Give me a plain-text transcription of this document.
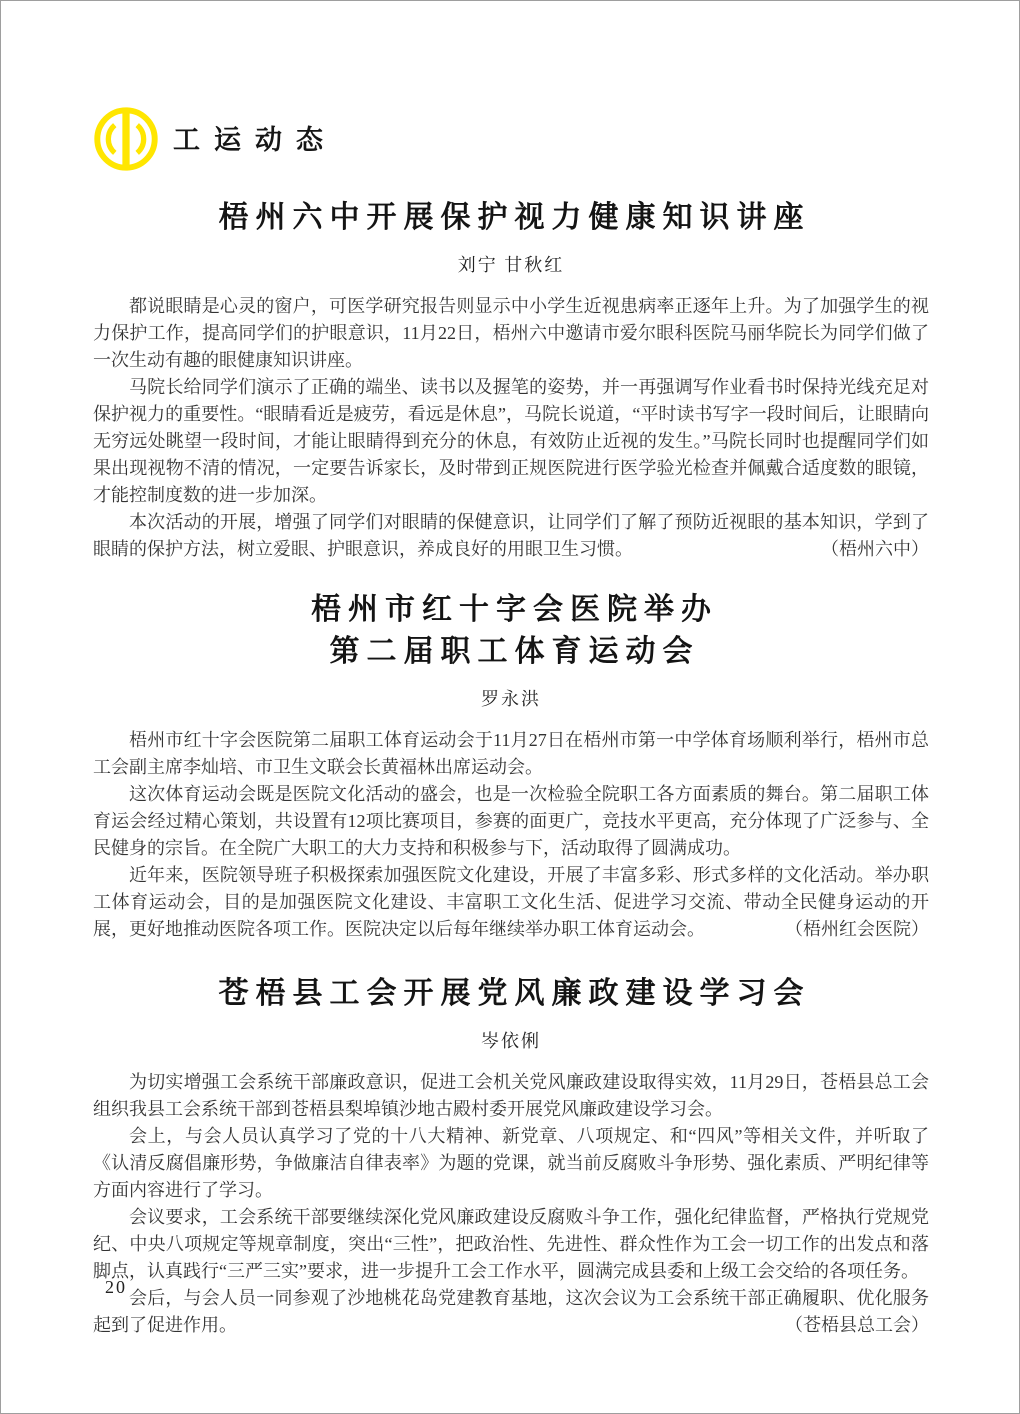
工运动态
梧州六中开展保护视力健康知识讲座
刘宁 甘秋红

都说眼睛是心灵的窗户，可医学研究报告则显示中小学生近视患病率正逐年上升。为了加强学生的视力保护工作，提高同学们的护眼意识，11月22日，梧州六中邀请市爱尔眼科医院马丽华院长为同学们做了一次生动有趣的眼健康知识讲座。

马院长给同学们演示了正确的端坐、读书以及握笔的姿势，并一再强调写作业看书时保持光线充足对保护视力的重要性。“眼睛看近是疲劳，看远是休息”，马院长说道，“平时读书写字一段时间后，让眼睛向无穷远处眺望一段时间，才能让眼睛得到充分的休息，有效防止近视的发生。”马院长同时也提醒同学们如果出现视物不清的情况，一定要告诉家长，及时带到正规医院进行医学验光检查并佩戴合适度数的眼镜，才能控制度数的进一步加深。

本次活动的开展，增强了同学们对眼睛的保健意识，让同学们了解了预防近视眼的基本知识，学到了眼睛的保护方法，树立爱眼、护眼意识，养成良好的用眼卫生习惯。	（梧州六中）

梧州市红十字会医院举办
第二届职工体育运动会
罗永洪

梧州市红十字会医院第二届职工体育运动会于11月27日在梧州市第一中学体育场顺利举行，梧州市总工会副主席李灿培、市卫生文联会长黄福林出席运动会。

这次体育运动会既是医院文化活动的盛会，也是一次检验全院职工各方面素质的舞台。第二届职工体育运会经过精心策划，共设置有12项比赛项目，参赛的面更广，竞技水平更高，充分体现了广泛参与、全民健身的宗旨。在全院广大职工的大力支持和积极参与下，活动取得了圆满成功。

近年来，医院领导班子积极探索加强医院文化建设，开展了丰富多彩、形式多样的文化活动。举办职工体育运动会，目的是加强医院文化建设、丰富职工文化生活、促进学习交流、带动全民健身运动的开展，更好地推动医院各项工作。医院决定以后每年继续举办职工体育运动会。	（梧州红会医院）

苍梧县工会开展党风廉政建设学习会
岑依俐

为切实增强工会系统干部廉政意识，促进工会机关党风廉政建设取得实效，11月29日，苍梧县总工会组织我县工会系统干部到苍梧县梨埠镇沙地古殿村委开展党风廉政建设学习会。

会上，与会人员认真学习了党的十八大精神、新党章、八项规定、和“四风”等相关文件，并听取了《认清反腐倡廉形势，争做廉洁自律表率》为题的党课，就当前反腐败斗争形势、强化素质、严明纪律等方面内容进行了学习。

会议要求，工会系统干部要继续深化党风廉政建设反腐败斗争工作，强化纪律监督，严格执行党规党纪、中央八项规定等规章制度，突出“三性”，把政治性、先进性、群众性作为工会一切工作的出发点和落脚点，认真践行“三严三实”要求，进一步提升工会工作水平，圆满完成县委和上级工会交给的各项任务。

会后，与会人员一同参观了沙地桃花岛党建教育基地，这次会议为工会系统干部正确履职、优化服务起到了促进作用。	（苍梧县总工会）

20
